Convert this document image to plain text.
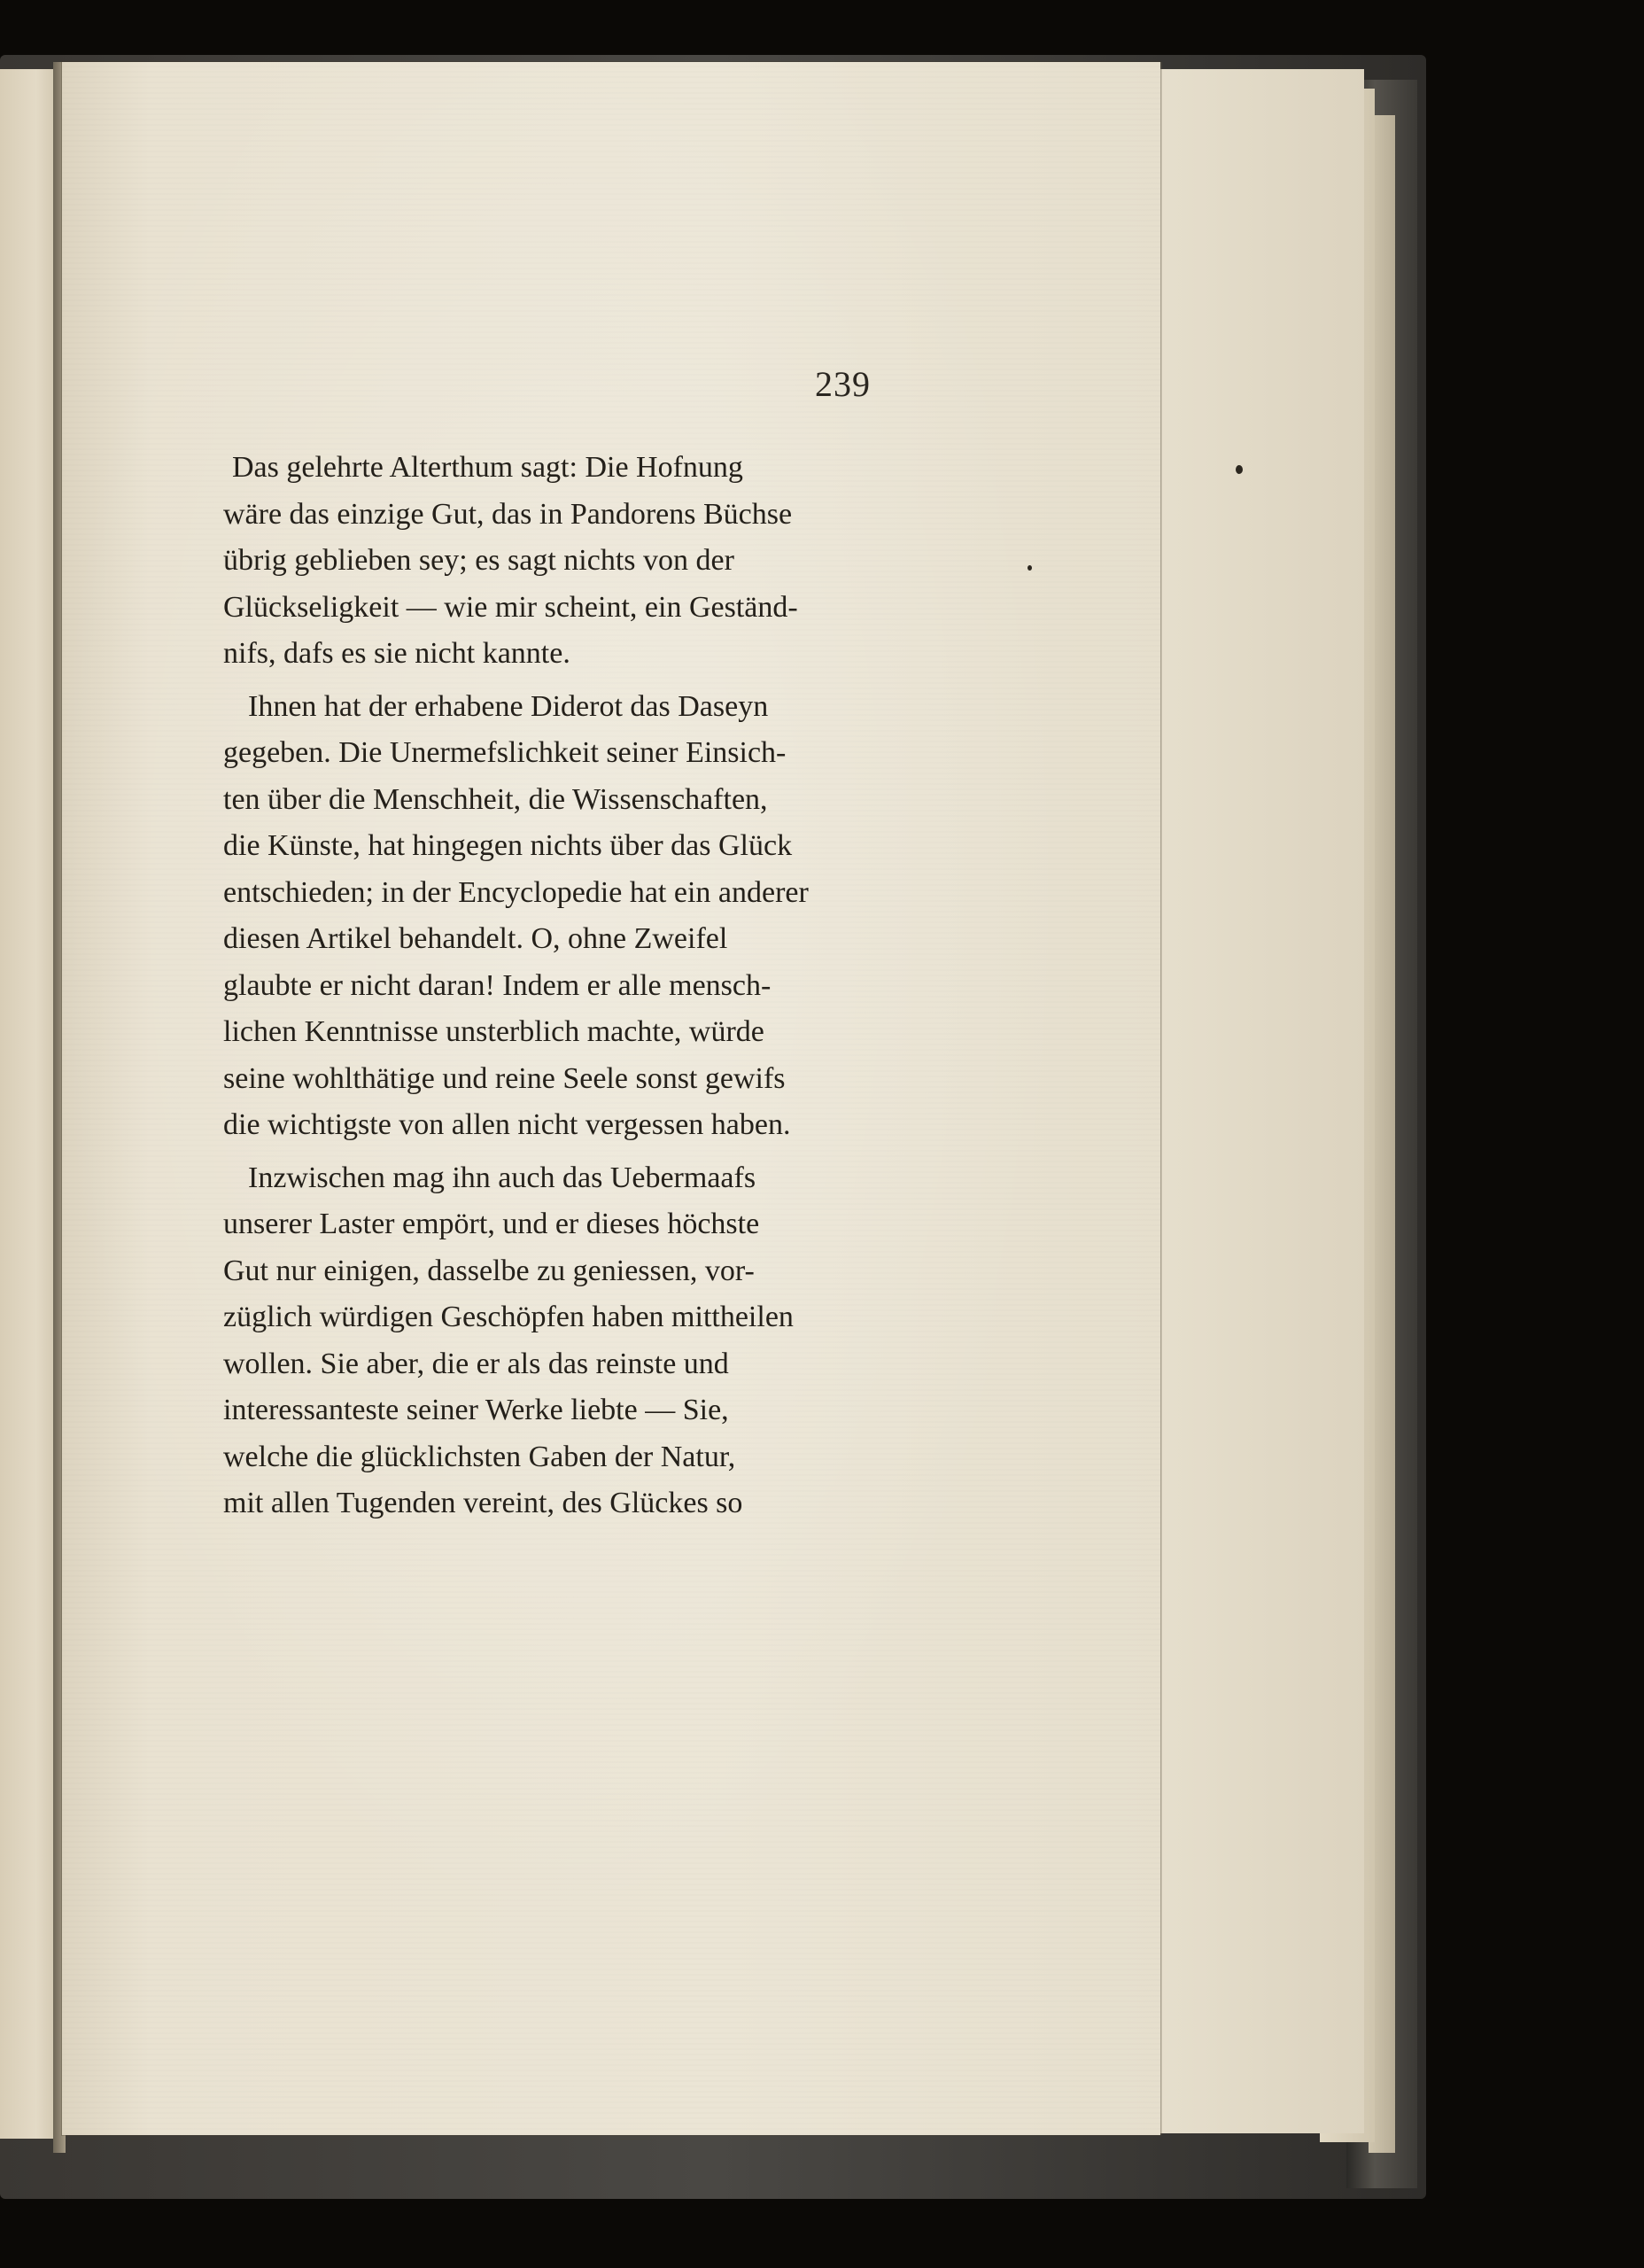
239

Das gelehrte Alterthum sagt: Die Hofnung
wäre das einzige Gut, das in Pandorens Büchse
übrig geblieben sey; es sagt nichts von der
Glückseligkeit — wie mir scheint, ein Geständ-
nifs, dafs es sie nicht kannte.

Ihnen hat der erhabene Diderot das Daseyn
gegeben. Die Unermefslichkeit seiner Einsich-
ten über die Menschheit, die Wissenschaften,
die Künste, hat hingegen nichts über das Glück
entschieden; in der Encyclopedie hat ein anderer
diesen Artikel behandelt. O, ohne Zweifel
glaubte er nicht daran! Indem er alle mensch-
lichen Kenntnisse unsterblich machte, würde
seine wohlthätige und reine Seele sonst gewifs
die wichtigste von allen nicht vergessen haben.

Inzwischen mag ihn auch das Uebermaafs
unserer Laster empört, und er dieses höchste
Gut nur einigen, dasselbe zu geniessen, vor-
züglich würdigen Geschöpfen haben mittheilen
wollen. Sie aber, die er als das reinste und
interessanteste seiner Werke liebte — Sie,
welche die glücklichsten Gaben der Natur,
mit allen Tugenden vereint, des Glückes so
